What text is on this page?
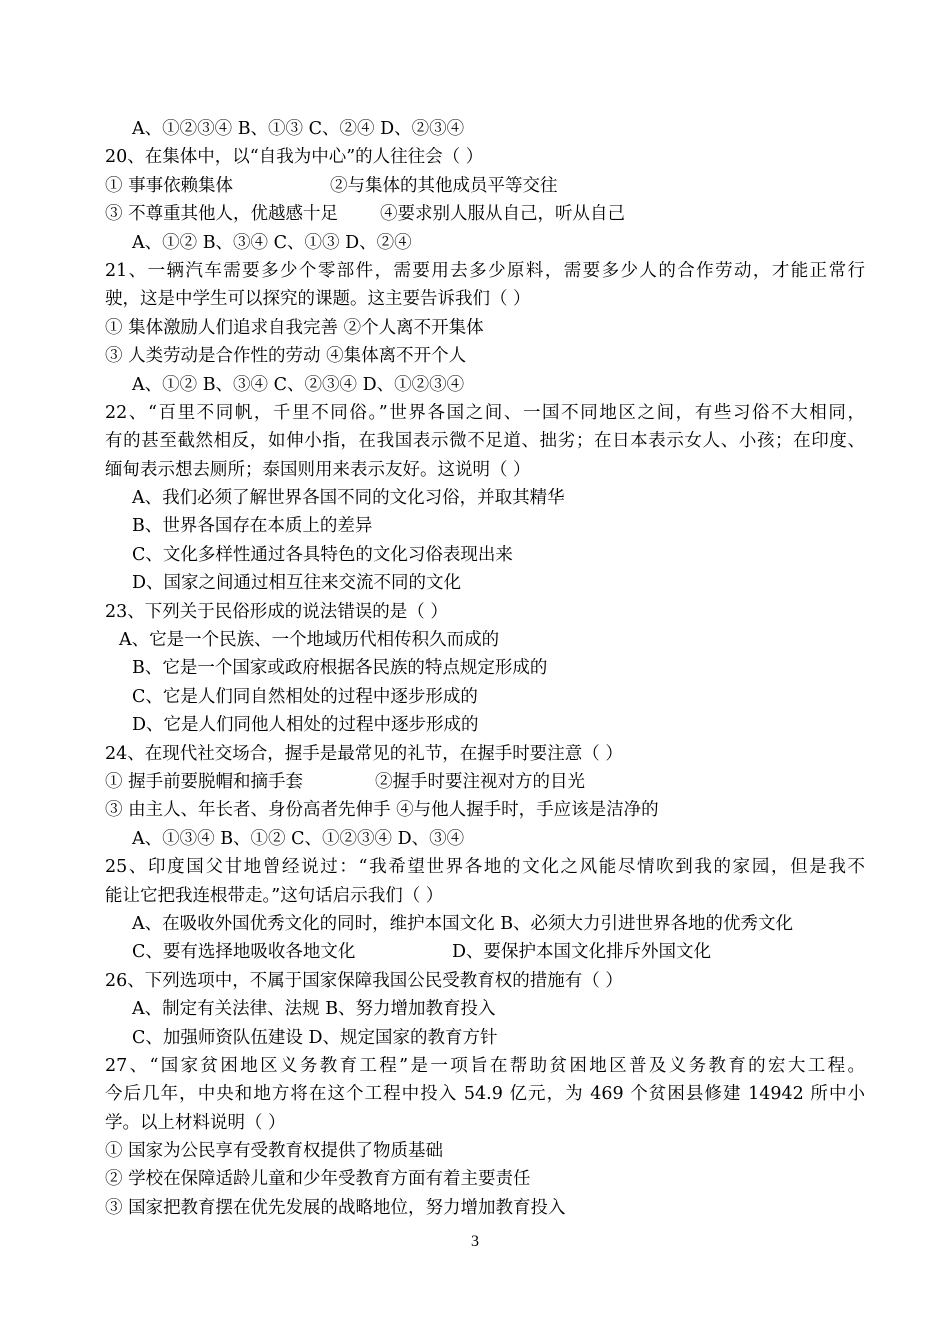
A、①②③④ B、①③ C、②④ D、②③④
20、在集体中，以“自我为中心”的人往往会（ ）
① 事事依赖集体	②与集体的其他成员平等交往
③ 不尊重其他人，优越感十足 ④要求别人服从自己，听从自己
A、①② B、③④ C、①③ D、②④
21、一辆汽车需要多少个零部件，需要用去多少原料，需要多少人的合作劳动，才能正常行
驶，这是中学生可以探究的课题。这主要告诉我们（ ）
① 集体激励人们追求自我完善 ②个人离不开集体
③ 人类劳动是合作性的劳动 ④集体离不开个人
A、①② B、③④ C、②③④ D、①②③④
22、“百里不同帆，千里不同俗。”世界各国之间、一国不同地区之间，有些习俗不大相同，
有的甚至截然相反，如伸小指，在我国表示微不足道、拙劣；在日本表示女人、小孩；在印度、
缅甸表示想去厕所；泰国则用来表示友好。这说明（ ）
A、我们必须了解世界各国不同的文化习俗，并取其精华
B、世界各国存在本质上的差异
C、文化多样性通过各具特色的文化习俗表现出来
D、国家之间通过相互往来交流不同的文化
23、下列关于民俗形成的说法错误的是（ ）
A、它是一个民族、一个地域历代相传积久而成的
B、它是一个国家或政府根据各民族的特点规定形成的
C、它是人们同自然相处的过程中逐步形成的
D、它是人们同他人相处的过程中逐步形成的
24、在现代社交场合，握手是最常见的礼节，在握手时要注意（ ）
① 握手前要脱帽和摘手套	②握手时要注视对方的目光
③ 由主人、年长者、身份高者先伸手 ④与他人握手时，手应该是洁净的
A、①③④ B、①② C、①②③④ D、③④
25、印度国父甘地曾经说过：“我希望世界各地的文化之风能尽情吹到我的家园，但是我不
能让它把我连根带走。”这句话启示我们（ ）
A、在吸收外国优秀文化的同时，维护本国文化 B、必须大力引进世界各地的优秀文化
C、要有选择地吸收各地文化	D、要保护本国文化排斥外国文化
26、下列选项中，不属于国家保障我国公民受教育权的措施有（ ）
A、制定有关法律、法规 B、努力增加教育投入
C、加强师资队伍建设 D、规定国家的教育方针
27、“国家贫困地区义务教育工程”是一项旨在帮助贫困地区普及义务教育的宏大工程。
今后几年，中央和地方将在这个工程中投入 54.9 亿元，为 469 个贫困县修建 14942 所中小
学。以上材料说明（ ）
① 国家为公民享有受教育权提供了物质基础
② 学校在保障适龄儿童和少年受教育方面有着主要责任
③ 国家把教育摆在优先发展的战略地位，努力增加教育投入
3
